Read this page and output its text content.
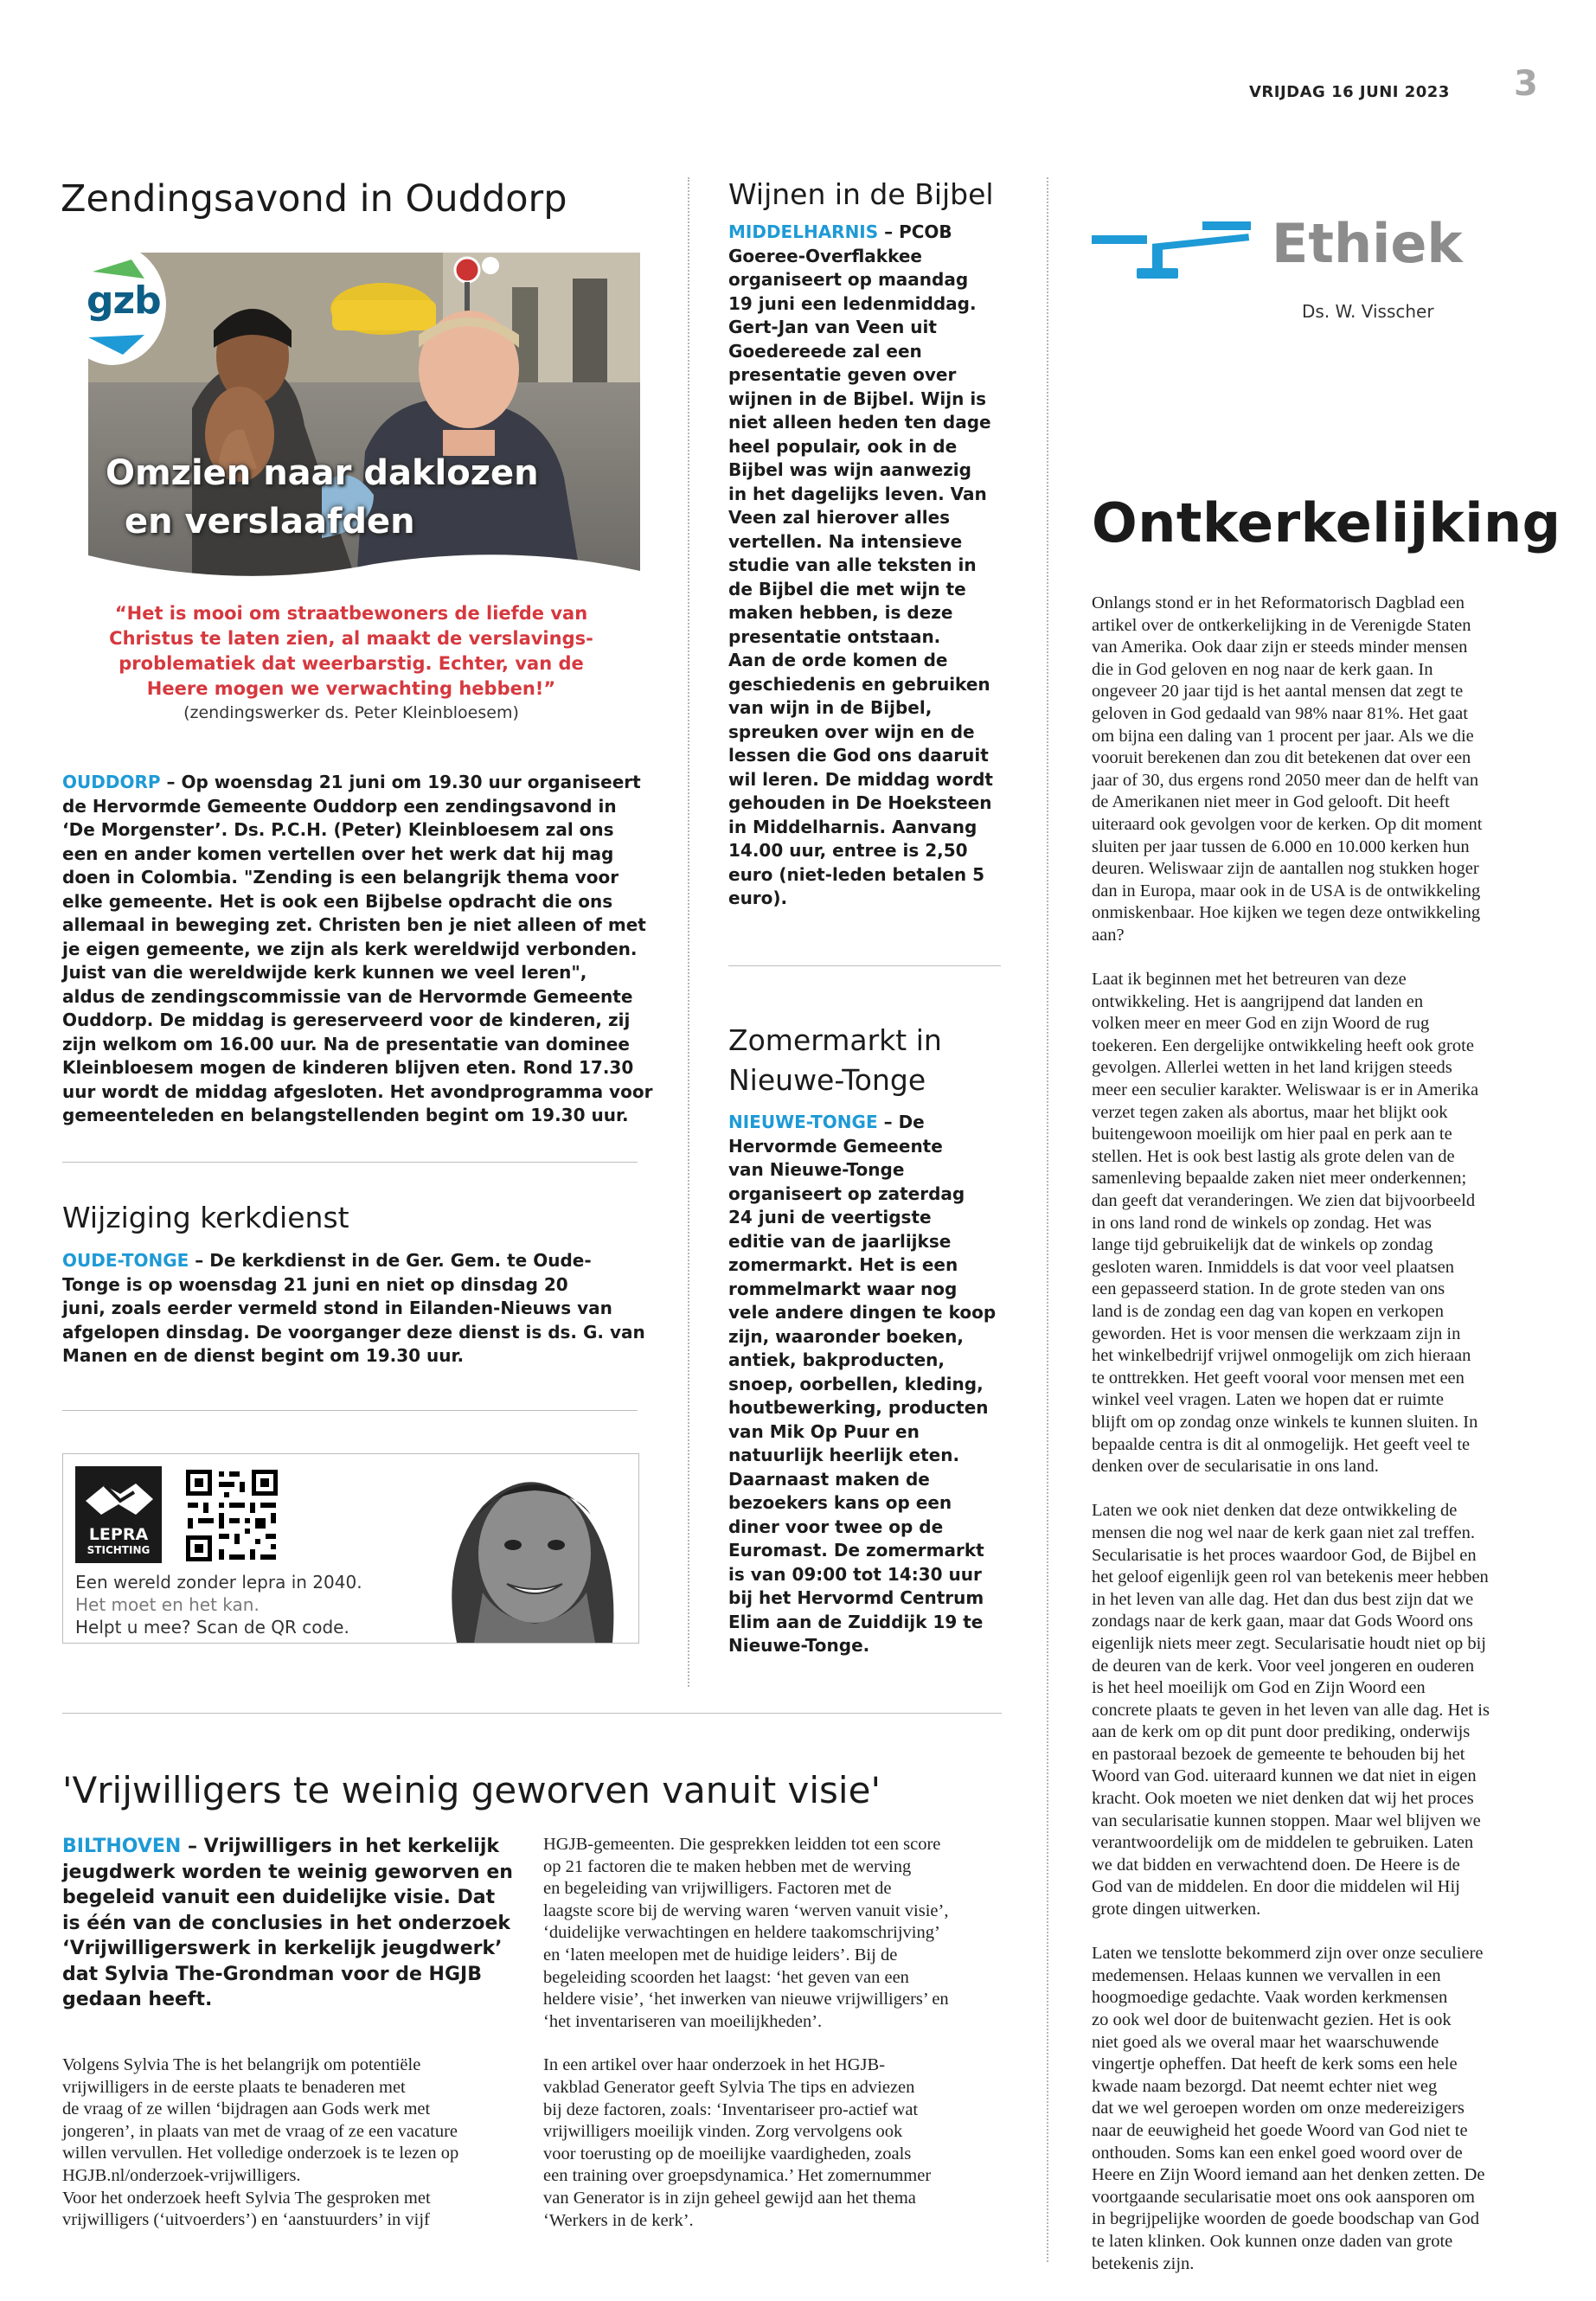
VRIJDAG 16 JUNI 2023 3
Zendingsavond in Ouddorp
gzb
Omzien naar daklozen
en verslaafden
“Het is mooi om straatbewoners de liefde van
Christus te laten zien, al maakt de verslavings-
problematiek dat weerbarstig. Echter, van de
Heere mogen we verwachting hebben!”
(zendingswerker ds. Peter Kleinbloesem)
OUDDORP – Op woensdag 21 juni om 19.30 uur organiseert
de Hervormde Gemeente Ouddorp een zendingsavond in
‘De Morgenster’. Ds. P.C.H. (Peter) Kleinbloesem zal ons
een en ander komen vertellen over het werk dat hij mag
doen in Colombia. "Zending is een belangrijk thema voor
elke gemeente. Het is ook een Bijbelse opdracht die ons
allemaal in beweging zet. Christen ben je niet alleen of met
je eigen gemeente, we zijn als kerk wereldwijd verbonden.
Juist van die wereldwijde kerk kunnen we veel leren",
aldus de zendingscommissie van de Hervormde Gemeente
Ouddorp. De middag is gereserveerd voor de kinderen, zij
zijn welkom om 16.00 uur. Na de presentatie van dominee
Kleinbloesem mogen de kinderen blijven eten. Rond 17.30
uur wordt de middag afgesloten. Het avondprogramma voor
gemeenteleden en belangstellenden begint om 19.30 uur.
Wijziging kerkdienst
OUDE-TONGE – De kerkdienst in de Ger. Gem. te Oude-
Tonge is op woensdag 21 juni en niet op dinsdag 20
juni, zoals eerder vermeld stond in Eilanden-Nieuws van
afgelopen dinsdag. De voorganger deze dienst is ds. G. van
Manen en de dienst begint om 19.30 uur.
LEPRA
STICHTING
Een wereld zonder lepra in 2040.
Het moet en het kan.
Helpt u mee? Scan de QR code.
Wijnen in de Bijbel
MIDDELHARNIS – PCOB
Goeree-Overflakkee
organiseert op maandag
19 juni een ledenmiddag.
Gert-Jan van Veen uit
Goedereede zal een
presentatie geven over
wijnen in de Bijbel. Wijn is
niet alleen heden ten dage
heel populair, ook in de
Bijbel was wijn aanwezig
in het dagelijks leven. Van
Veen zal hierover alles
vertellen. Na intensieve
studie van alle teksten in
de Bijbel die met wijn te
maken hebben, is deze
presentatie ontstaan.
Aan de orde komen de
geschiedenis en gebruiken
van wijn in de Bijbel,
spreuken over wijn en de
lessen die God ons daaruit
wil leren. De middag wordt
gehouden in De Hoeksteen
in Middelharnis. Aanvang
14.00 uur, entree is 2,50
euro (niet-leden betalen 5
euro).
Zomermarkt in
Nieuwe-Tonge
NIEUWE-TONGE – De
Hervormde Gemeente
van Nieuwe-Tonge
organiseert op zaterdag
24 juni de veertigste
editie van de jaarlijkse
zomermarkt. Het is een
rommelmarkt waar nog
vele andere dingen te koop
zijn, waaronder boeken,
antiek, bakproducten,
snoep, oorbellen, kleding,
houtbewerking, producten
van Mik Op Puur en
natuurlijk heerlijk eten.
Daarnaast maken de
bezoekers kans op een
diner voor twee op de
Euromast. De zomermarkt
is van 09:00 tot 14:30 uur
bij het Hervormd Centrum
Elim aan de Zuiddijk 19 te
Nieuwe-Tonge.
'Vrijwilligers te weinig geworven vanuit visie'
BILTHOVEN – Vrijwilligers in het kerkelijk
jeugdwerk worden te weinig geworven en
begeleid vanuit een duidelijke visie. Dat
is één van de conclusies in het onderzoek
‘Vrijwilligerswerk in kerkelijk jeugdwerk’
dat Sylvia The-Grondman voor de HGJB
gedaan heeft.
Volgens Sylvia The is het belangrijk om potentiële
vrijwilligers in de eerste plaats te benaderen met
de vraag of ze willen ‘bijdragen aan Gods werk met
jongeren’, in plaats van met de vraag of ze een vacature
willen vervullen. Het volledige onderzoek is te lezen op
HGJB.nl/onderzoek-vrijwilligers.
Voor het onderzoek heeft Sylvia The gesproken met
vrijwilligers (‘uitvoerders’) en ‘aanstuurders’ in vijf
HGJB-gemeenten. Die gesprekken leidden tot een score
op 21 factoren die te maken hebben met de werving
en begeleiding van vrijwilligers. Factoren met de
laagste score bij de werving waren ‘werven vanuit visie’,
‘duidelijke verwachtingen en heldere taakomschrijving’
en ‘laten meelopen met de huidige leiders’. Bij de
begeleiding scoorden het laagst: ‘het geven van een
heldere visie’, ‘het inwerken van nieuwe vrijwilligers’ en
‘het inventariseren van moeilijkheden’.
In een artikel over haar onderzoek in het HGJB-
vakblad Generator geeft Sylvia The tips en adviezen
bij deze factoren, zoals: ‘Inventariseer pro-actief wat
vrijwilligers moeilijk vinden. Zorg vervolgens ook
voor toerusting op de moeilijke vaardigheden, zoals
een training over groepsdynamica.’ Het zomernummer
van Generator is in zijn geheel gewijd aan het thema
‘Werkers in de kerk’.
Ethiek
Ds. W. Visscher
Ontkerkelijking
Onlangs stond er in het Reformatorisch Dagblad een
artikel over de ontkerkelijking in de Verenigde Staten
van Amerika. Ook daar zijn er steeds minder mensen
die in God geloven en nog naar de kerk gaan. In
ongeveer 20 jaar tijd is het aantal mensen dat zegt te
geloven in God gedaald van 98% naar 81%. Het gaat
om bijna een daling van 1 procent per jaar. Als we die
vooruit berekenen dan zou dit betekenen dat over een
jaar of 30, dus ergens rond 2050 meer dan de helft van
de Amerikanen niet meer in God gelooft. Dit heeft
uiteraard ook gevolgen voor de kerken. Op dit moment
sluiten per jaar tussen de 6.000 en 10.000 kerken hun
deuren. Weliswaar zijn de aantallen nog stukken hoger
dan in Europa, maar ook in de USA is de ontwikkeling
onmiskenbaar. Hoe kijken we tegen deze ontwikkeling
aan?
Laat ik beginnen met het betreuren van deze
ontwikkeling. Het is aangrijpend dat landen en
volken meer en meer God en zijn Woord de rug
toekeren. Een dergelijke ontwikkeling heeft ook grote
gevolgen. Allerlei wetten in het land krijgen steeds
meer een seculier karakter. Weliswaar is er in Amerika
verzet tegen zaken als abortus, maar het blijkt ook
buitengewoon moeilijk om hier paal en perk aan te
stellen. Het is ook best lastig als grote delen van de
samenleving bepaalde zaken niet meer onderkennen;
dan geeft dat veranderingen. We zien dat bijvoorbeeld
in ons land rond de winkels op zondag. Het was
lange tijd gebruikelijk dat de winkels op zondag
gesloten waren. Inmiddels is dat voor veel plaatsen
een gepasseerd station. In de grote steden van ons
land is de zondag een dag van kopen en verkopen
geworden. Het is voor mensen die werkzaam zijn in
het winkelbedrijf vrijwel onmogelijk om zich hieraan
te onttrekken. Het geeft vooral voor mensen met een
winkel veel vragen. Laten we hopen dat er ruimte
blijft om op zondag onze winkels te kunnen sluiten. In
bepaalde centra is dit al onmogelijk. Het geeft veel te
denken over de secularisatie in ons land.
Laten we ook niet denken dat deze ontwikkeling de
mensen die nog wel naar de kerk gaan niet zal treffen.
Secularisatie is het proces waardoor God, de Bijbel en
het geloof eigenlijk geen rol van betekenis meer hebben
in het leven van alle dag. Het dan dus best zijn dat we
zondags naar de kerk gaan, maar dat Gods Woord ons
eigenlijk niets meer zegt. Secularisatie houdt niet op bij
de deuren van de kerk. Voor veel jongeren en ouderen
is het heel moeilijk om God en Zijn Woord een
concrete plaats te geven in het leven van alle dag. Het is
aan de kerk om op dit punt door prediking, onderwijs
en pastoraal bezoek de gemeente te behouden bij het
Woord van God. uiteraard kunnen we dat niet in eigen
kracht. Ook moeten we niet denken dat wij het proces
van secularisatie kunnen stoppen. Maar wel blijven we
verantwoordelijk om de middelen te gebruiken. Laten
we dat bidden en verwachtend doen. De Heere is de
God van de middelen. En door die middelen wil Hij
grote dingen uitwerken.
Laten we tenslotte bekommerd zijn over onze seculiere
medemensen. Helaas kunnen we vervallen in een
hoogmoedige gedachte. Vaak worden kerkmensen
zo ook wel door de buitenwacht gezien. Het is ook
niet goed als we overal maar het waarschuwende
vingertje opheffen. Dat heeft de kerk soms een hele
kwade naam bezorgd. Dat neemt echter niet weg
dat we wel geroepen worden om onze medereizigers
naar de eeuwigheid het goede Woord van God niet te
onthouden. Soms kan een enkel goed woord over de
Heere en Zijn Woord iemand aan het denken zetten. De
voortgaande secularisatie moet ons ook aansporen om
in begrijpelijke woorden de goede boodschap van God
te laten klinken. Ook kunnen onze daden van grote
betekenis zijn.
